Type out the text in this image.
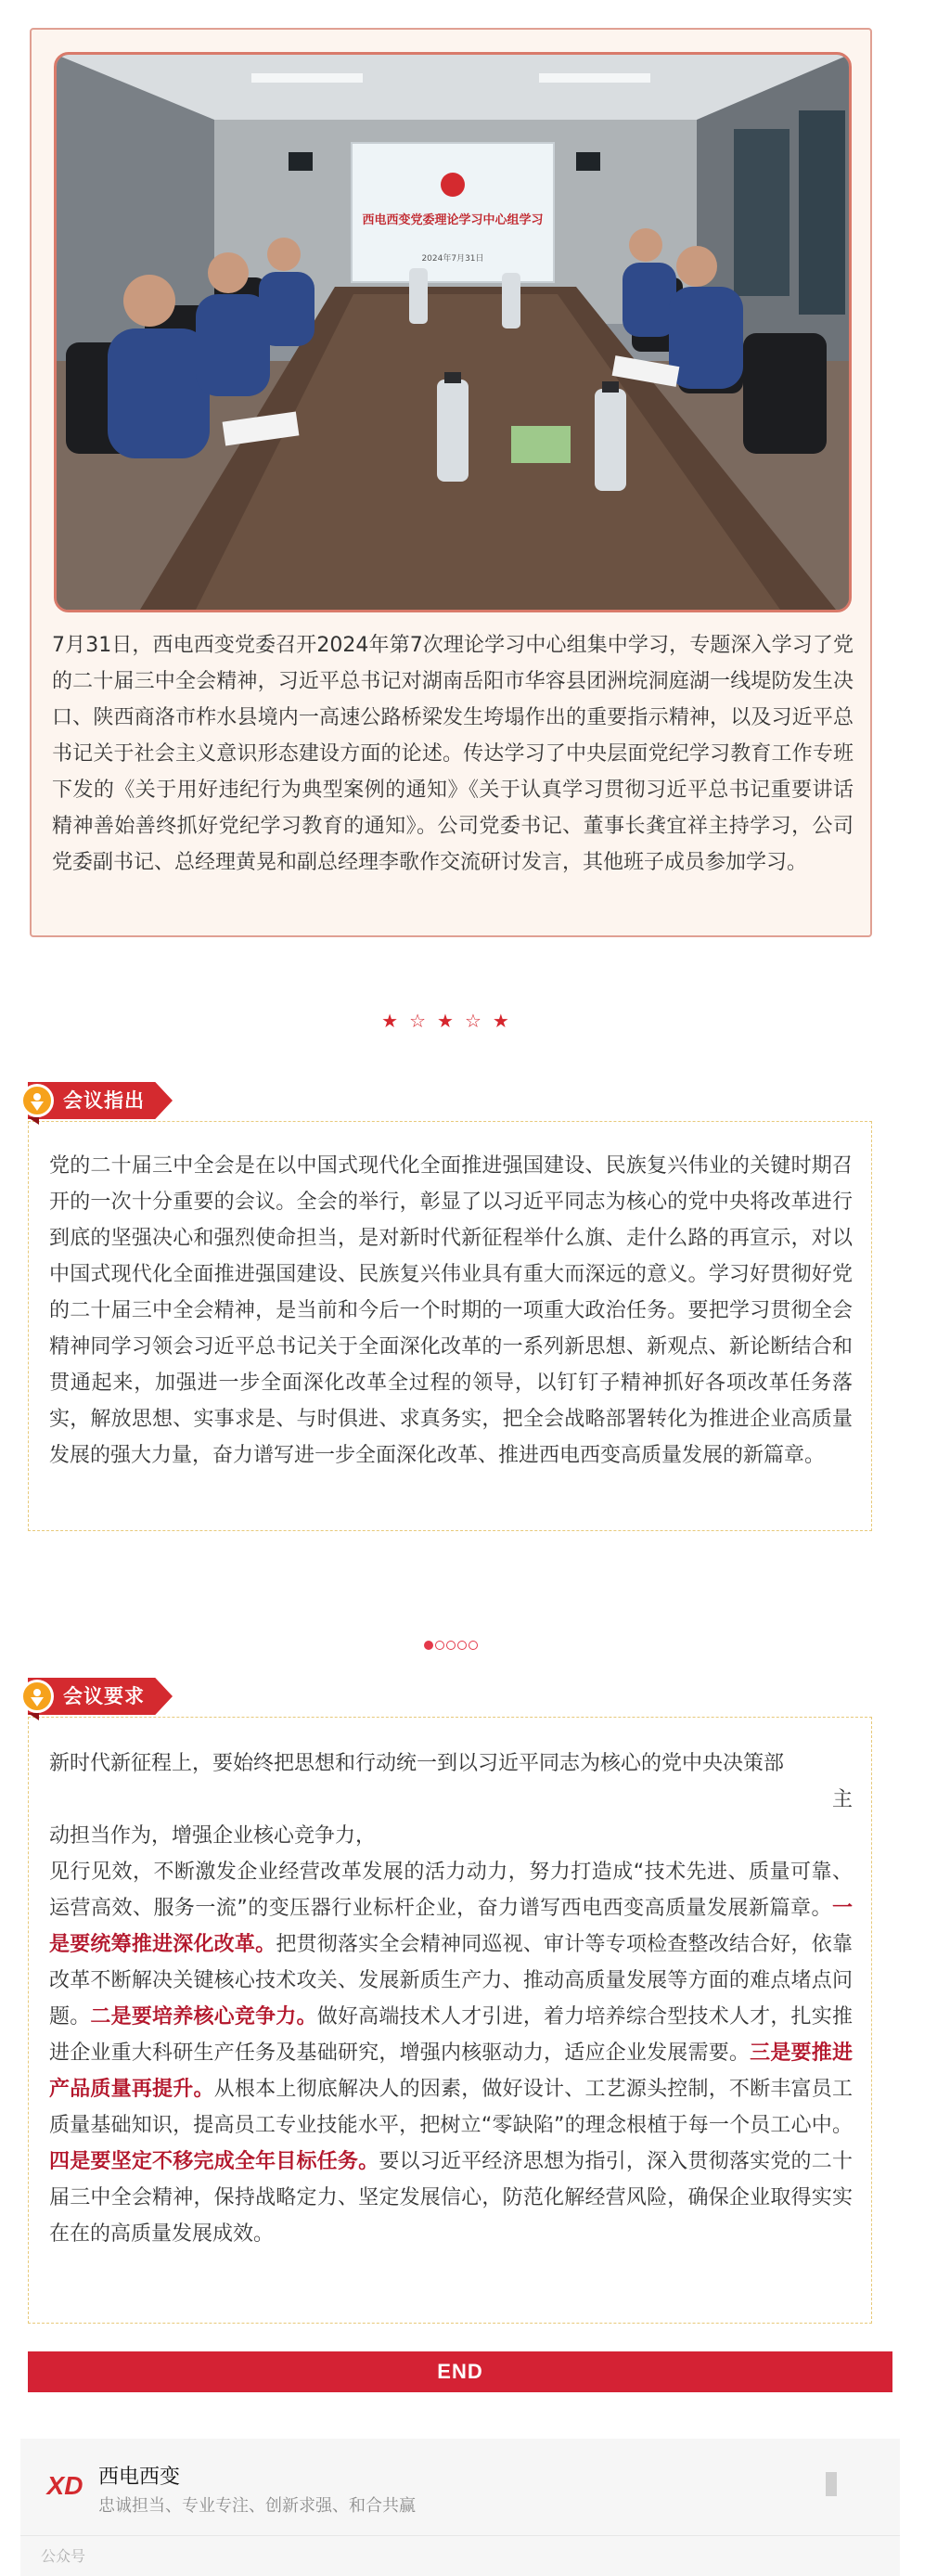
西电西变党委理论学习中心组学习
2024年7月31日

7月31日，西电西变党委召开2024年第7次理论学习中心组集中学习，专题深入学习了党的二十届三中全会精神，习近平总书记对湖南岳阳市华容县团洲垸洞庭湖一线堤防发生决口、陕西商洛市柞水县境内一高速公路桥梁发生垮塌作出的重要指示精神，以及习近平总书记关于社会主义意识形态建设方面的论述。传达学习了中央层面党纪学习教育工作专班下发的《关于用好违纪行为典型案例的通知》《关于认真学习贯彻习近平总书记重要讲话精神善始善终抓好党纪学习教育的通知》。公司党委书记、董事长龚宜祥主持学习，公司党委副书记、总经理黄晃和副总经理李歌作交流研讨发言，其他班子成员参加学习。

★☆★☆★

党的二十届三中全会是在以中国式现代化全面推进强国建设、民族复兴伟业的关键时期召开的一次十分重要的会议。全会的举行，彰显了以习近平同志为核心的党中央将改革进行到底的坚强决心和强烈使命担当，是对新时代新征程举什么旗、走什么路的再宣示，对以中国式现代化全面推进强国建设、民族复兴伟业具有重大而深远的意义。学习好贯彻好党的二十届三中全会精神，是当前和今后一个时期的一项重大政治任务。要把学习贯彻全会精神同学习领会习近平总书记关于全面深化改革的一系列新思想、新观点、新论断结合和贯通起来，加强进一步全面深化改革全过程的领导，以钉钉子精神抓好各项改革任务落实，解放思想、实事求是、与时俱进、求真务实，把全会战略部署转化为推进企业高质量发展的强大力量，奋力谱写进一步全面深化改革、推进西电西变高质量发展的新篇章。

会议指出
新时代新征程上，要始终把思想和行动统一到以习近平同志为核心的党中央决策部
主
动担当作为，增强企业核心竞争力，
见行见效，不断激发企业经营改革发展的活力动力，努力打造成“技术先进、质量可靠、运营高效、服务一流”的变压器行业标杆企业，奋力谱写西电西变高质量发展新篇章。一是要统筹推进深化改革。把贯彻落实全会精神同巡视、审计等专项检查整改结合好，依靠改革不断解决关键核心技术攻关、发展新质生产力、推动高质量发展等方面的难点堵点问题。二是要培养核心竞争力。做好高端技术人才引进，着力培养综合型技术人才，扎实推进企业重大科研生产任务及基础研究，增强内核驱动力，适应企业发展需要。三是要推进产品质量再提升。从根本上彻底解决人的因素，做好设计、工艺源头控制，不断丰富员工质量基础知识，提高员工专业技能水平，把树立“零缺陷”的理念根植于每一个员工心中。四是要坚定不移完成全年目标任务。要以习近平经济思想为指引，深入贯彻落实党的二十届三中全会精神，保持战略定力、坚定发展信心，防范化解经营风险，确保企业取得实实在在的高质量发展成效。
会议要求
END
XD 西电西变
忠诚担当、专业专注、创新求强、和合共赢
公众号
